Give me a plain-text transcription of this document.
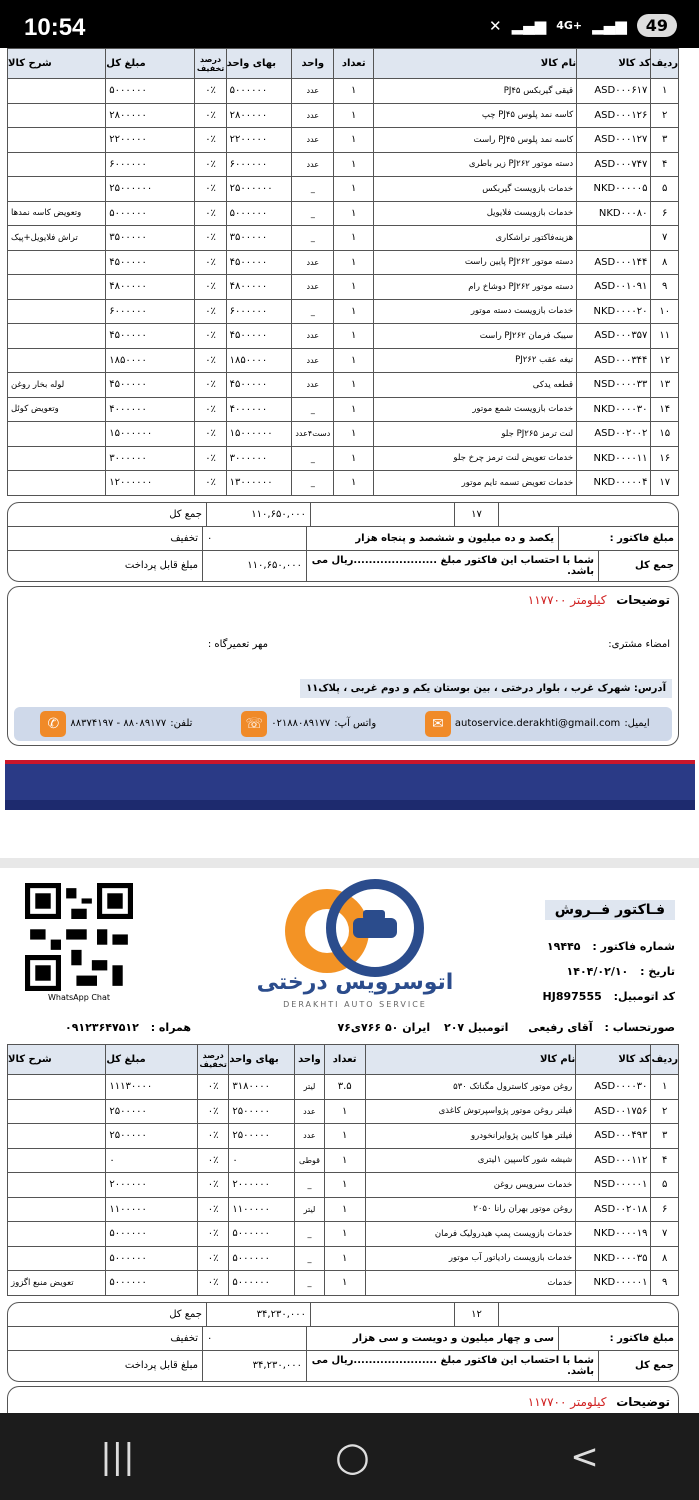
10:54	✕ ▂▄▆ 4G+ ▂▄▆	49
ردیف	کد کالا	نام کالا	تعداد	واحد	بهای واحد	درصد تخفیف	مبلغ کل	شرح کالا
۱	ASD۰۰۰۶۱۷	قیقی گیربکس PJ۴۵	۱	عدد	۵۰۰۰۰۰۰	۰٪	۵۰۰۰۰۰۰	
۲	ASD۰۰۰۱۲۶	کاسه نمد پلوس PJ۴۵ چپ	۱	عدد	۲۸۰۰۰۰۰	۰٪	۲۸۰۰۰۰۰	
۳	ASD۰۰۰۱۲۷	کاسه نمد پلوس PJ۴۵ راست	۱	عدد	۲۲۰۰۰۰۰	۰٪	۲۲۰۰۰۰۰	
۴	ASD۰۰۰۷۴۷	دسته موتور PJ۲۶۲ زیر باطری	۱	عدد	۶۰۰۰۰۰۰	۰٪	۶۰۰۰۰۰۰	
۵	NKD۰۰۰۰۰۵	خدمات بازویست گیربکس	۱	_	۲۵۰۰۰۰۰۰	۰٪	۲۵۰۰۰۰۰۰	
۶	NKD۰۰۰۸۰	خدمات بازویست فلایویل	۱	_	۵۰۰۰۰۰۰	۰٪	۵۰۰۰۰۰۰	وتعویض کاسه نمدها
۷		هزینه‌فاکتور تراشکاری	۱	_	۳۵۰۰۰۰۰	۰٪	۳۵۰۰۰۰۰	تراش فلایویل+پیک
۸	ASD۰۰۰۱۴۴	دسته موتور PJ۲۶۲ پایین راست	۱	عدد	۴۵۰۰۰۰۰	۰٪	۴۵۰۰۰۰۰	
۹	ASD۰۰۱۰۹۱	دسته موتور PJ۲۶۲ دوشاخ رام	۱	عدد	۴۸۰۰۰۰۰	۰٪	۴۸۰۰۰۰۰	
۱۰	NKD۰۰۰۰۲۰	خدمات بازویست دسته موتور	۱	_	۶۰۰۰۰۰۰	۰٪	۶۰۰۰۰۰۰	
۱۱	ASD۰۰۰۳۵۷	سیبک فرمان PJ۲۶۲ راست	۱	عدد	۴۵۰۰۰۰۰	۰٪	۴۵۰۰۰۰۰	
۱۲	ASD۰۰۰۳۴۴	تیغه عقب PJ۲۶۲	۱	عدد	۱۸۵۰۰۰۰	۰٪	۱۸۵۰۰۰۰	
۱۳	NSD۰۰۰۰۳۳	قطعه یدکی	۱	عدد	۴۵۰۰۰۰۰	۰٪	۴۵۰۰۰۰۰	لوله بخار روغن
۱۴	NKD۰۰۰۰۳۰	خدمات بازویست شمع موتور	۱	_	۴۰۰۰۰۰۰	۰٪	۴۰۰۰۰۰۰	وتعویض کوئل
۱۵	ASD۰۰۲۰۰۲	لنت ترمز PJ۲۶۵ جلو	۱	دست۴عدد	۱۵۰۰۰۰۰۰	۰٪	۱۵۰۰۰۰۰۰	
۱۶	NKD۰۰۰۰۱۱	خدمات تعویض لنت ترمز چرخ جلو	۱	_	۳۰۰۰۰۰۰	۰٪	۳۰۰۰۰۰۰	
۱۷	NKD۰۰۰۰۰۴	خدمات تعویض تسمه تایم موتور	۱	_	۱۳۰۰۰۰۰۰	۰٪	۱۲۰۰۰۰۰۰	
۱۷
۱۱۰,۶۵۰,۰۰۰
جمع کل
مبلغ فاکتور :
یکصد و ده میلیون و ششصد و پنجاه هزار
۰
تخفیف
جمع کل
شما با احتساب این فاکتور مبلغ ......................ریال می باشد.
۱۱۰,۶۵۰,۰۰۰
مبلغ قابل پرداخت
توضیحات کیلومتر ۱۱۷۷۰۰
امضاء مشتری:
مهر تعمیرگاه :
آدرس: شهرک غرب ، بلوار درختی ، بین بوستان یکم و دوم غربی ، پلاک۱۱
ایمیل:
autoservice.derakhti@gmail.com
✉
واتس آپ:
۰۲۱۸۸۰۸۹۱۷۷
☏
تلفن:
۸۸۰۸۹۱۷۷ - ۸۸۳۷۴۱۹۷
✆
WhatsApp Chat
اتوسرویس درختی
DERAKHTI AUTO SERVICE
فـاکتور فــروش
شماره فاکتور : ۱۹۴۴۵
تاریخ : ۱۴۰۴/۰۲/۱۰
کد اتومبیل: HJ897555
صورتحساب : آقای رفیعی اتومبیل ۲۰۷ ایران ۵۰ ۷۶۶ی۷۶
همراه : ۰۹۱۲۳۶۴۷۵۱۲
ردیف	کد کالا	نام کالا	تعداد	واحد	بهای واحد	درصد تخفیف	مبلغ کل	شرح کالا
۱	ASD۰۰۰۰۳۰	روغن موتور کاسترول مگناتک ۵۳۰	۳.۵	لیتر	۳۱۸۰۰۰۰	۰٪	۱۱۱۳۰۰۰۰	
۲	ASD۰۰۱۷۵۶	فیلتر روغن موتور پژواسپرتوش کاغذی	۱	عدد	۲۵۰۰۰۰۰	۰٪	۲۵۰۰۰۰۰	
۳	ASD۰۰۰۴۹۳	فیلتر هوا کابین پژوایرانخودرو	۱	عدد	۲۵۰۰۰۰۰	۰٪	۲۵۰۰۰۰۰	
۴	ASD۰۰۰۱۱۲	شیشه شور کاسپین ۱لیتری	۱	قوطی	۰	۰٪	۰	
۵	NSD۰۰۰۰۰۱	خدمات سرویس روغن	۱	_	۲۰۰۰۰۰۰	۰٪	۲۰۰۰۰۰۰	
۶	ASD۰۰۲۰۱۸	روغن موتور بهران رانا ۲۰۵۰	۱	لیتر	۱۱۰۰۰۰۰	۰٪	۱۱۰۰۰۰۰	
۷	NKD۰۰۰۰۱۹	خدمات بازویست پمپ هیدرولیک فرمان	۱	_	۵۰۰۰۰۰۰	۰٪	۵۰۰۰۰۰۰	
۸	NKD۰۰۰۰۳۵	خدمات بازویست رادیاتور آب موتور	۱	_	۵۰۰۰۰۰۰	۰٪	۵۰۰۰۰۰۰	
۹	NKD۰۰۰۰۰۱	خدمات	۱	_	۵۰۰۰۰۰۰	۰٪	۵۰۰۰۰۰۰	تعویض منبع اگزوز
۱۲
۳۴,۲۳۰,۰۰۰
جمع کل
مبلغ فاکتور :
سی و چهار میلیون و دویست و سی هزار
۰
تخفیف
جمع کل
شما با احتساب این فاکتور مبلغ ......................ریال می باشد.
۳۴,۲۳۰,۰۰۰
مبلغ قابل پرداخت
توضیحات کیلومتر ۱۱۷۷۰۰
|||	○	<
